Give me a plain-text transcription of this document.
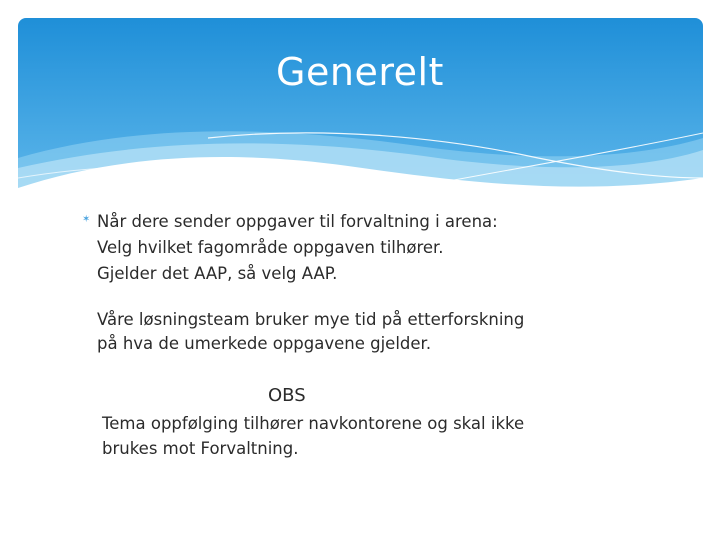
Generelt
✶ Når dere sender oppgaver til forvaltning i arena:
Velg hvilket fagområde oppgaven tilhører.
Gjelder det AAP, så velg AAP.
Våre løsningsteam bruker mye tid på etterforskning
på hva de umerkede oppgavene gjelder.
OBS
Tema oppfølging tilhører navkontorene og skal ikke
brukes mot Forvaltning.
